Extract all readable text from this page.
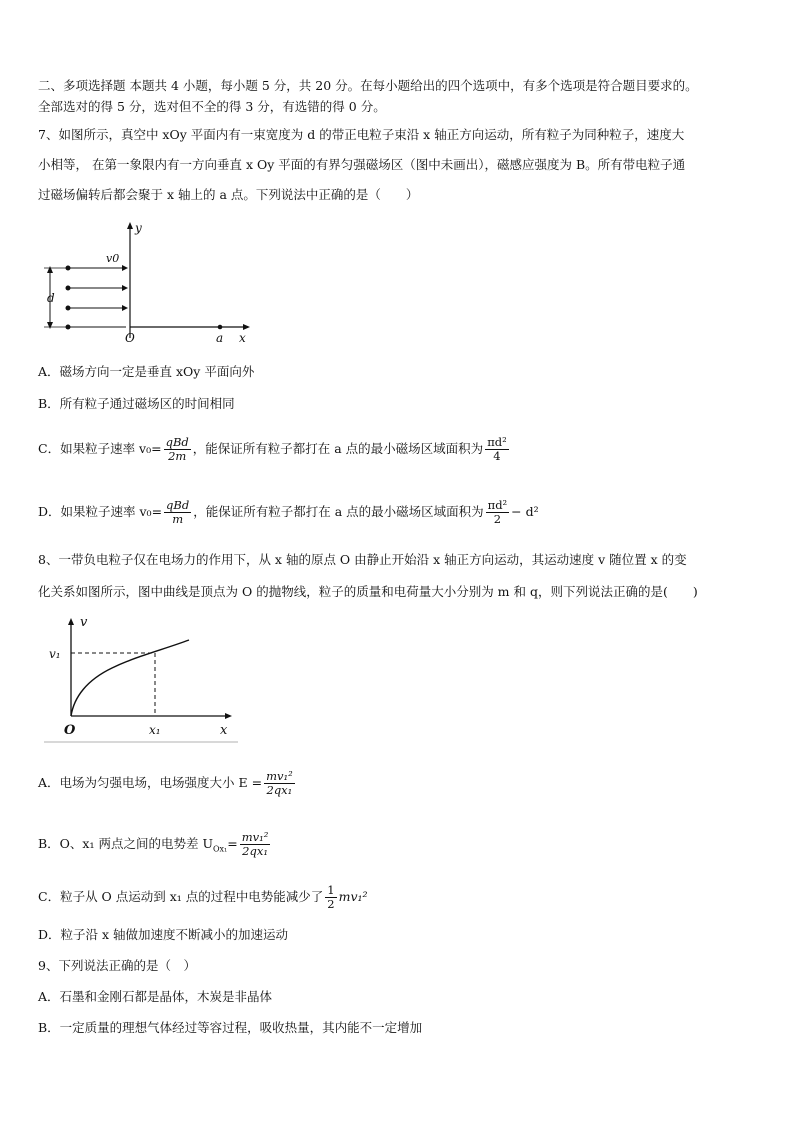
二、多项选择题 本题共 4 小题，每小题 5 分，共 20 分。在每小题给出的四个选项中，有多个选项是符合题目要求的。
全部选对的得 5 分，选对但不全的得 3 分，有选错的得 0 分。
7、如图所示，真空中 xOy 平面内有一束宽度为 d 的带正电粒子束沿 x 轴正方向运动，所有粒子为同种粒子，速度大
小相等， 在第一象限内有一方向垂直 x Oy 平面的有界匀强磁场区（图中未画出），磁感应强度为 B。所有带电粒子通
过磁场偏转后都会聚于 x 轴上的 a 点。下列说法中正确的是（　　）
y
v0
d
O	a x
A．磁场方向一定是垂直 xOy 平面向外
B．所有粒子通过磁场区的时间相同
C．如果粒子速率 $v_0= \frac{\text{qBd}}{2m}$ ，能保证所有粒子都打在 a 点的最小磁场区域面积为 $\frac{\text{πd²}}{4}$
D．如果粒子速率 $v_0= \frac{\text{qBd}}{m}$ ，能保证所有粒子都打在 a 点的最小磁场区域面积为 $\frac{\text{πd²}}{2} - d^2$
8、一带负电粒子仅在电场力的作用下，从 x 轴的原点 O 由静止开始沿 x 轴正方向运动，其运动速度 v 随位置 x 的变
化关系如图所示，图中曲线是顶点为 O 的抛物线，粒子的质量和电荷量大小分别为 m 和 q，则下列说法正确的是(　　)
v
v₁
O	x₁	x
A．电场为匀强电场，电场强度大小 $E = \frac{\text{mv₁²}}{\text{2qx₁}}$
B．O、x₁ 两点之间的电势差 $U_{Ox_1}= \frac{\text{mv₁²}}{\text{2qx₁}}$
C．粒子从 O 点运动到 x₁ 点的过程中电势能减少了 $\frac{1}{2} mv_1^2$
D．粒子沿 x 轴做加速度不断减小的加速运动
9、下列说法正确的是（　）
A．石墨和金刚石都是晶体，木炭是非晶体
B．一定质量的理想气体经过等容过程，吸收热量，其内能不一定增加
